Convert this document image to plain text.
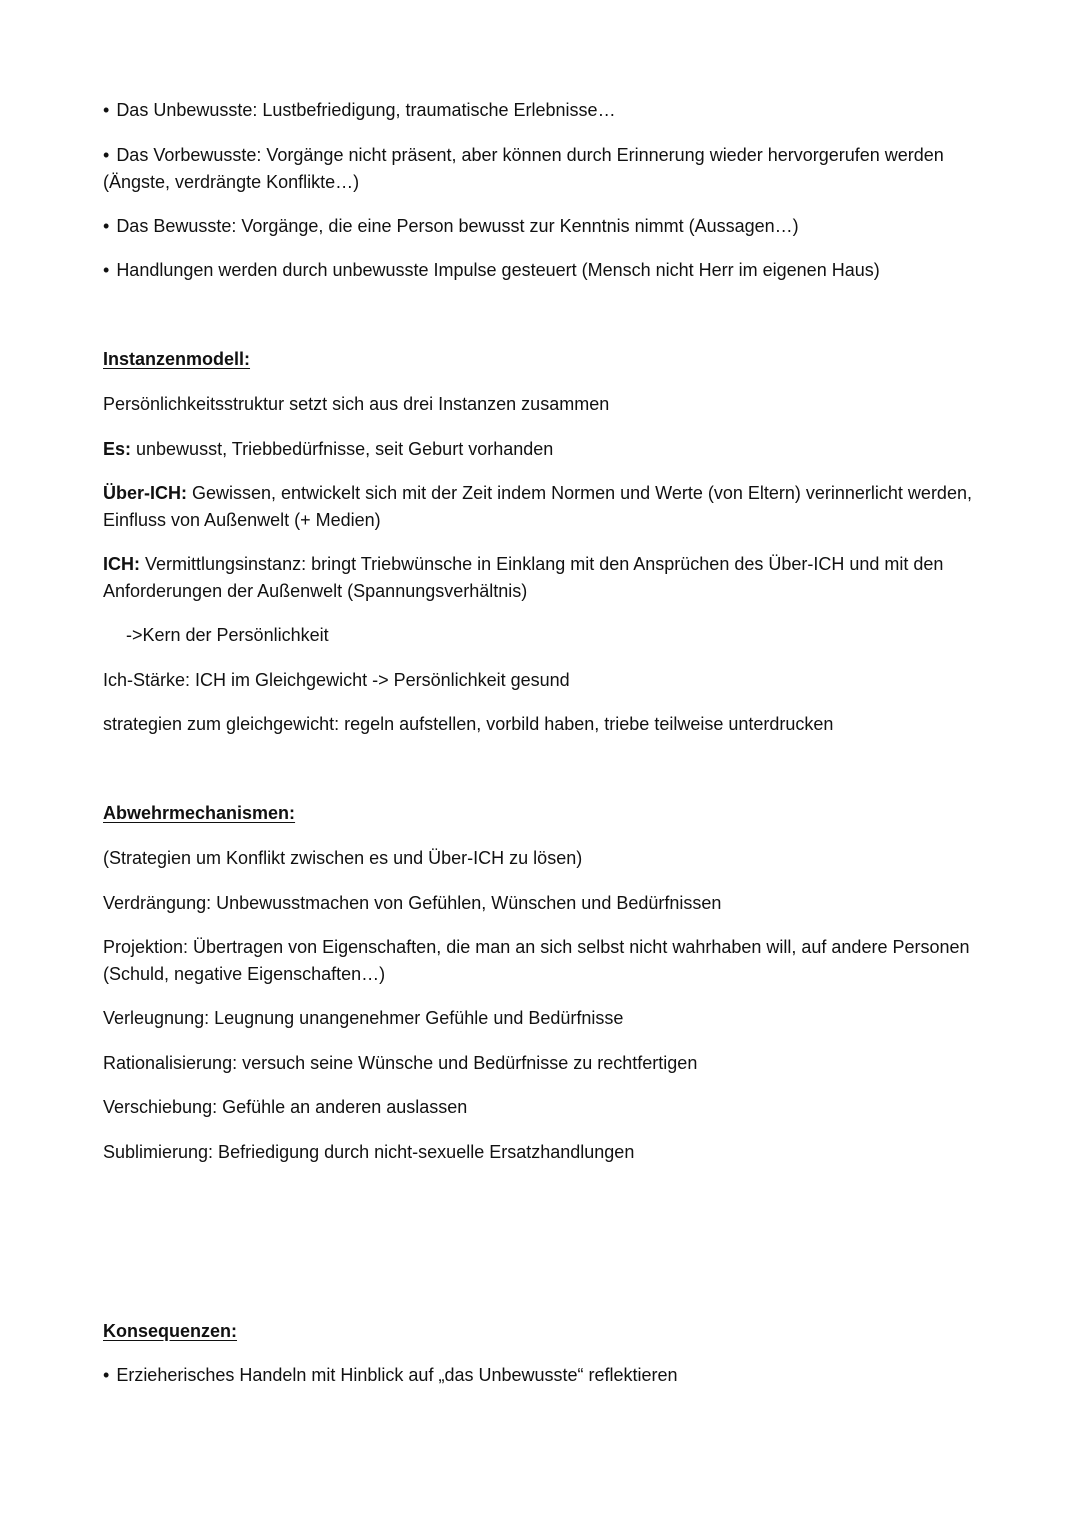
• Das Unbewusste: Lustbefriedigung, traumatische Erlebnisse…
• Das Vorbewusste: Vorgänge nicht präsent, aber können durch Erinnerung wieder hervorgerufen werden (Ängste, verdrängte Konflikte…)
• Das Bewusste: Vorgänge, die eine Person bewusst zur Kenntnis nimmt (Aussagen…)
• Handlungen werden durch unbewusste Impulse gesteuert (Mensch nicht Herr im eigenen Haus)
Instanzenmodell:
Persönlichkeitsstruktur setzt sich aus drei Instanzen zusammen
Es: unbewusst, Triebbedürfnisse, seit Geburt vorhanden
Über-ICH: Gewissen, entwickelt sich mit der Zeit indem Normen und Werte (von Eltern) verinnerlicht werden, Einfluss von Außenwelt (+ Medien)
ICH: Vermittlungsinstanz: bringt Triebwünsche in Einklang mit den Ansprüchen des Über-ICH und mit den Anforderungen der Außenwelt (Spannungsverhältnis)
->Kern der Persönlichkeit
Ich-Stärke: ICH im Gleichgewicht -> Persönlichkeit gesund
strategien zum gleichgewicht: regeln aufstellen, vorbild haben, triebe teilweise unterdrucken
Abwehrmechanismen:
(Strategien um Konflikt zwischen es und Über-ICH zu lösen)
Verdrängung: Unbewusstmachen von Gefühlen, Wünschen und Bedürfnissen
Projektion: Übertragen von Eigenschaften, die man an sich selbst nicht wahrhaben will, auf andere Personen (Schuld, negative Eigenschaften…)
Verleugnung: Leugnung unangenehmer Gefühle und Bedürfnisse
Rationalisierung: versuch seine Wünsche und Bedürfnisse zu rechtfertigen
Verschiebung: Gefühle an anderen auslassen
Sublimierung: Befriedigung durch nicht-sexuelle Ersatzhandlungen
Konsequenzen:
• Erzieherisches Handeln mit Hinblick auf „das Unbewusste“ reflektieren
